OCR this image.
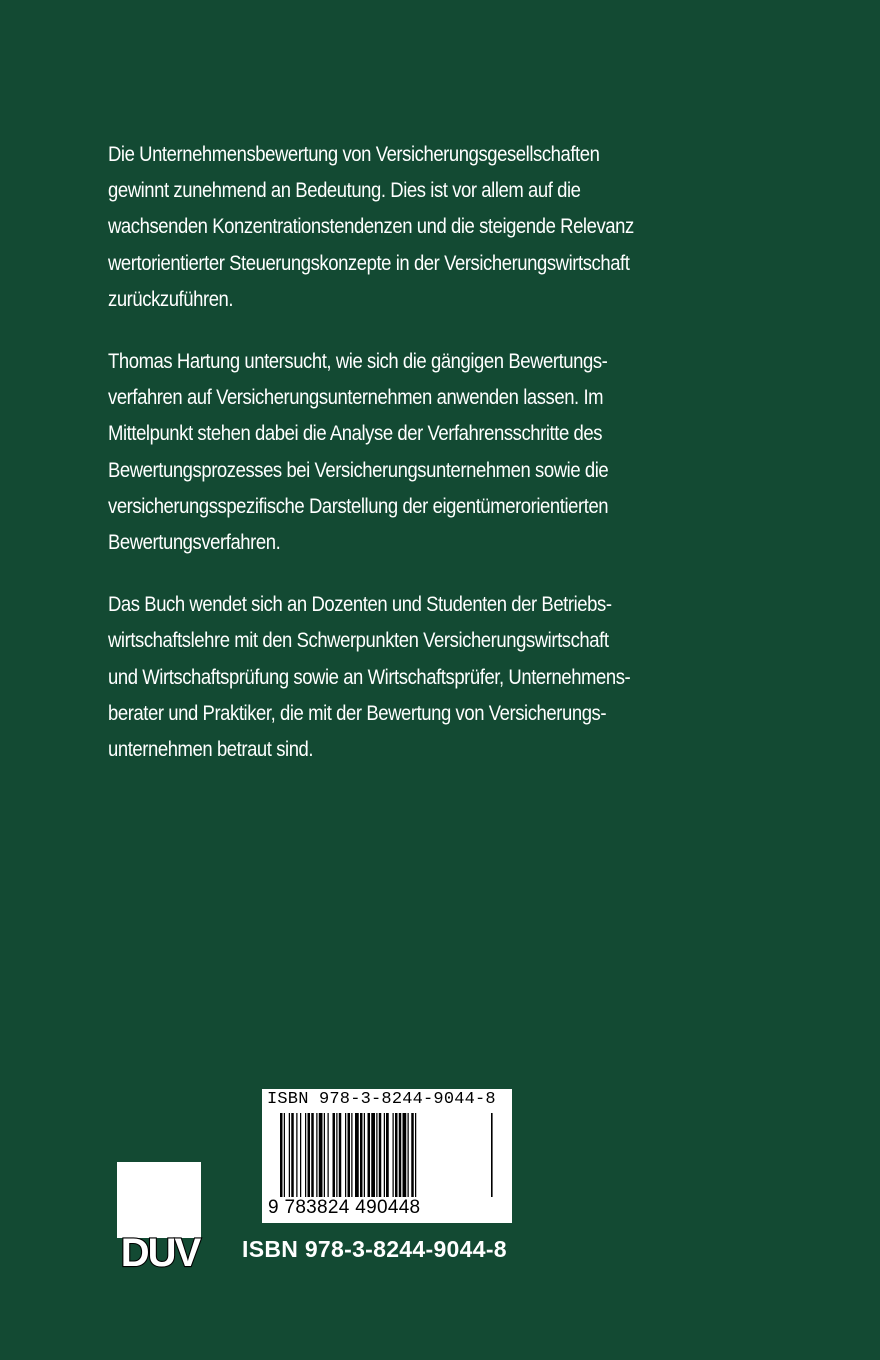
Die Unternehmensbewertung von Versicherungsgesellschaften
gewinnt zunehmend an Bedeutung. Dies ist vor allem auf die
wachsenden Konzentrationstendenzen und die steigende Relevanz
wertorientierter Steuerungskonzepte in der Versicherungswirtschaft
zurückzuführen.

Thomas Hartung untersucht, wie sich die gängigen Bewertungs-
verfahren auf Versicherungsunternehmen anwenden lassen. Im
Mittelpunkt stehen dabei die Analyse der Verfahrensschritte des
Bewertungsprozesses bei Versicherungsunternehmen sowie die
versicherungsspezifische Darstellung der eigentümerorientierten
Bewertungsverfahren.

Das Buch wendet sich an Dozenten und Studenten der Betriebs-
wirtschaftslehre mit den Schwerpunkten Versicherungswirtschaft
und Wirtschaftsprüfung sowie an Wirtschaftsprüfer, Unternehmens-
berater und Praktiker, die mit der Bewertung von Versicherungs-
unternehmen betraut sind.

ISBN 978-3-8244-9044-8
9 783824 490448
DUV ISBN 978-3-8244-9044-8
